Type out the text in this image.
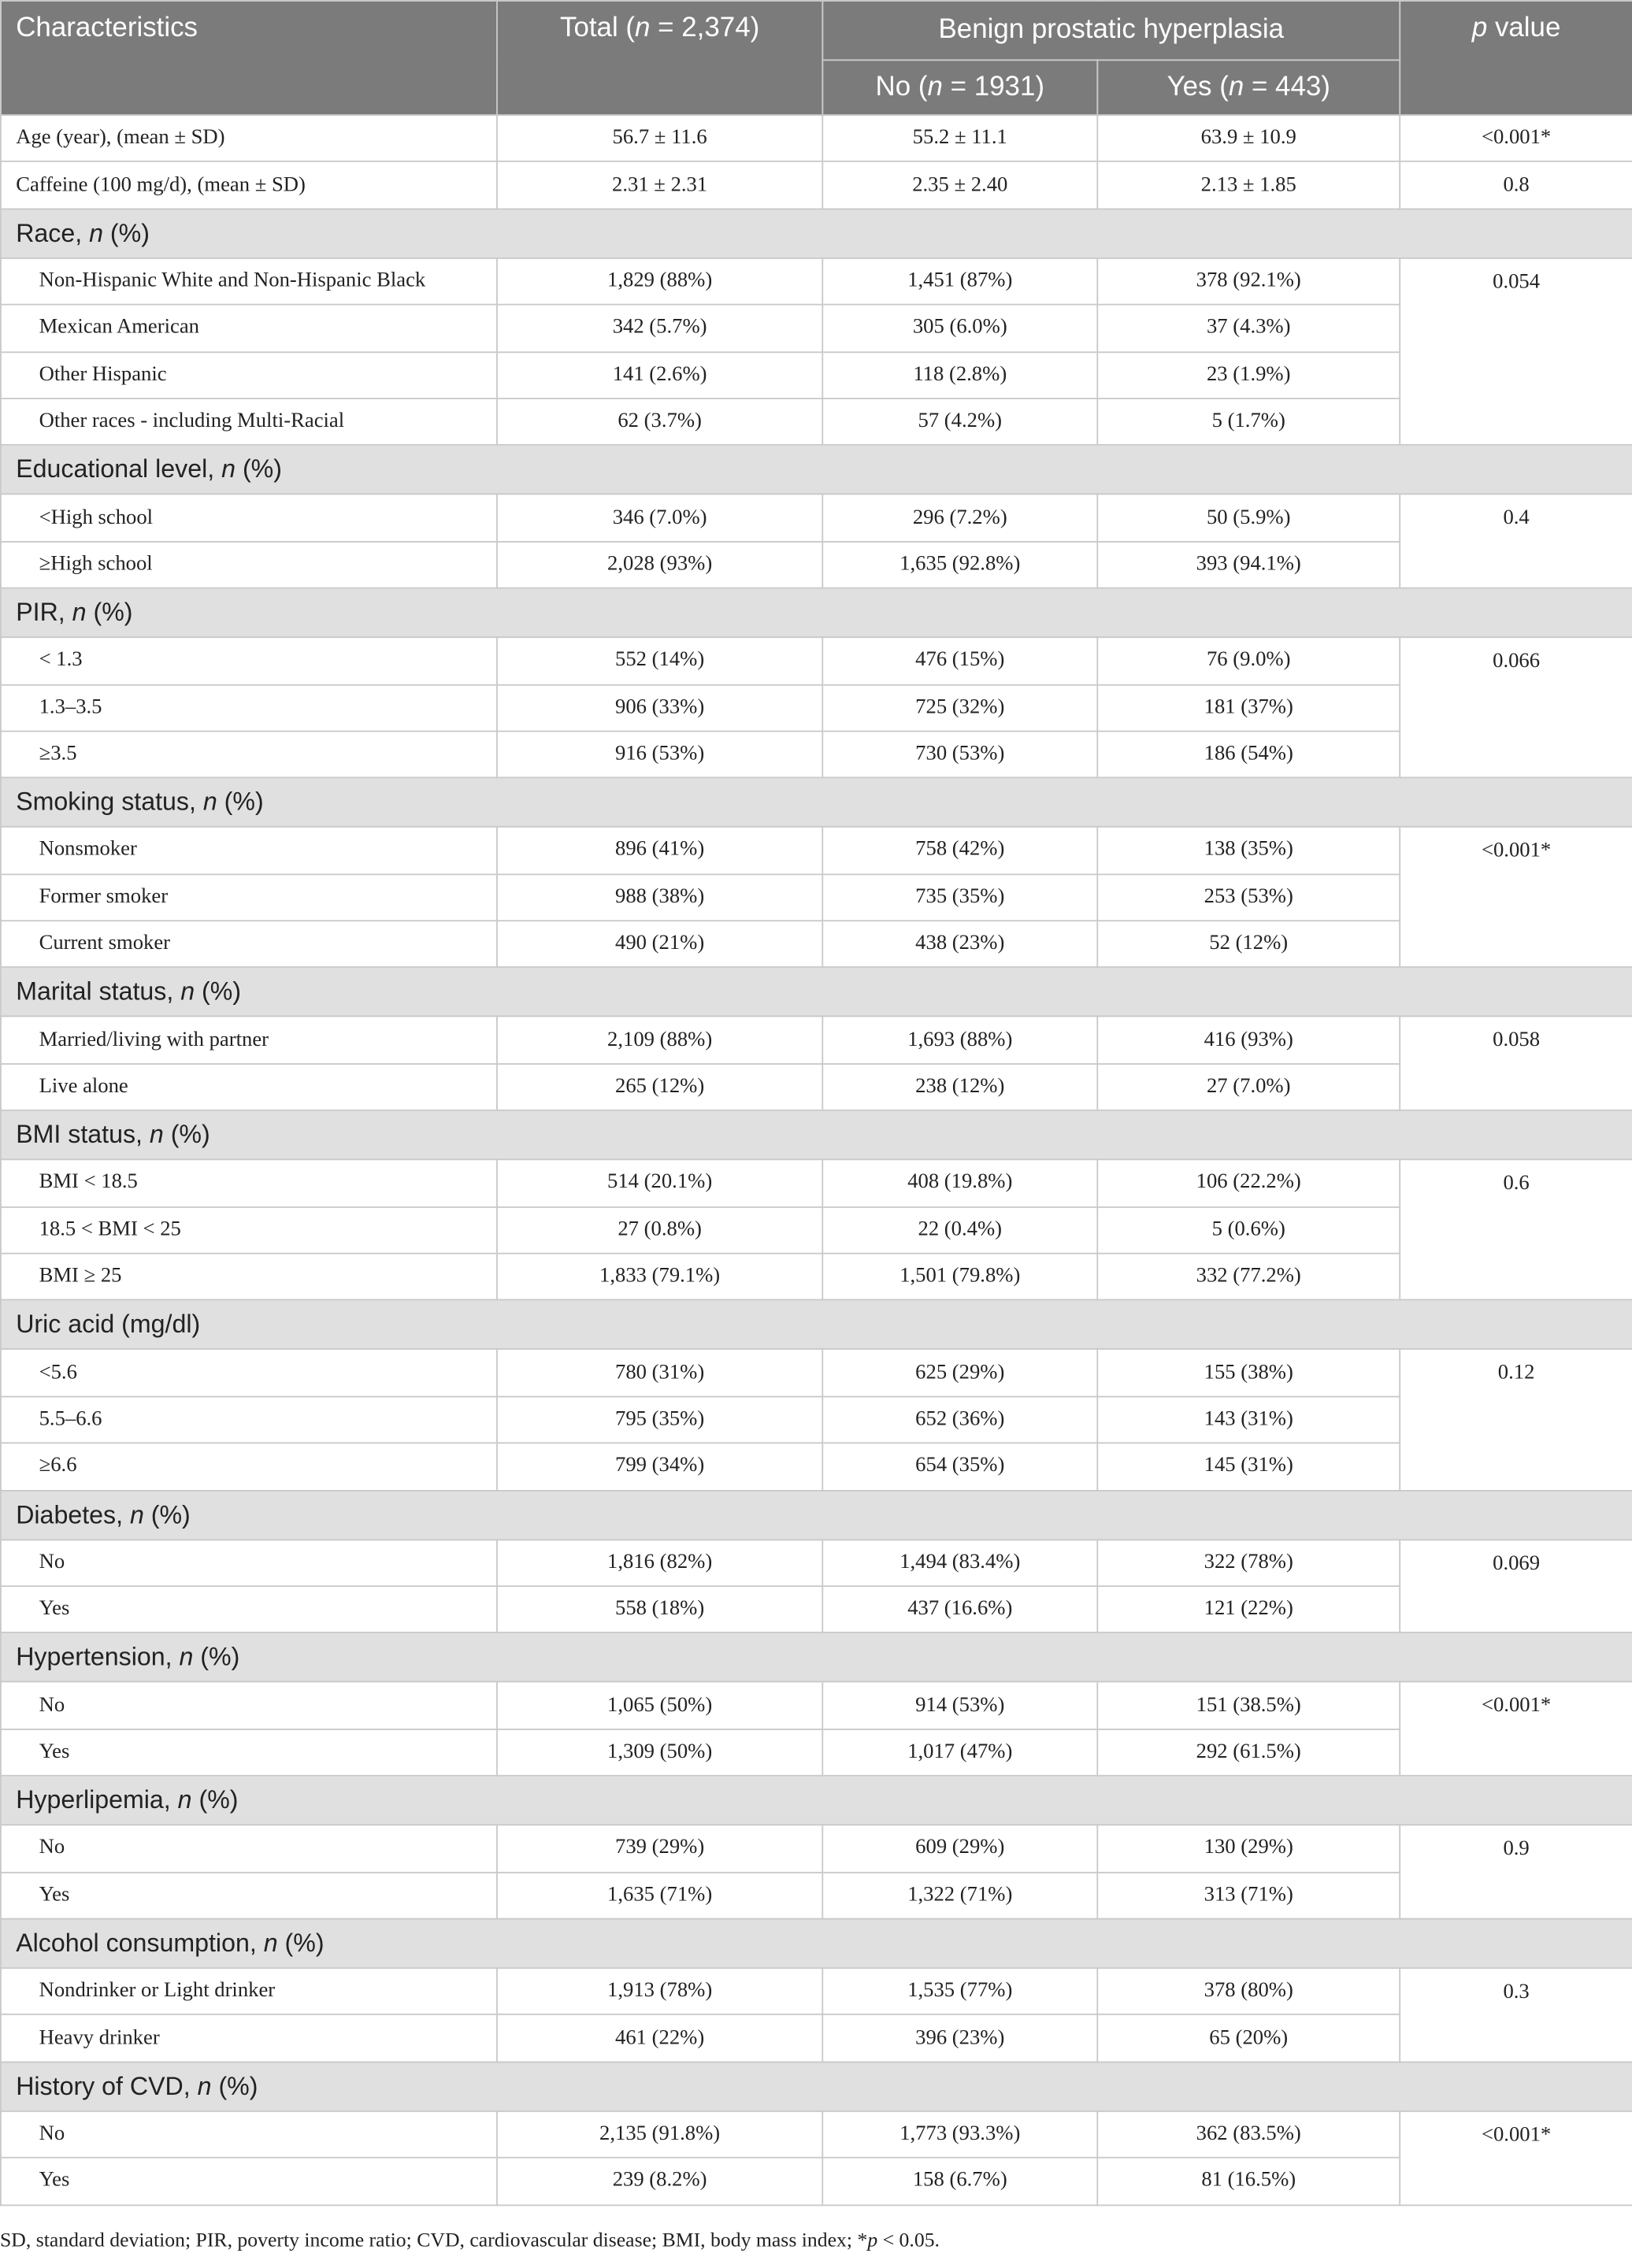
Characteristics	Total (n = 2,374)	Benign prostatic hyperplasia		p value
		No (n = 1931)	Yes (n = 443)	
Age (year), (mean ± SD)	56.7 ± 11.6	55.2 ± 11.1	63.9 ± 10.9	<0.001*
Caffeine (100 mg/d), (mean ± SD)	2.31 ± 2.31	2.35 ± 2.40	2.13 ± 1.85	0.8
Race, n (%)				
Non-Hispanic White and Non-Hispanic Black	1,829 (88%)	1,451 (87%)	378 (92.1%)	0.054
Mexican American	342 (5.7%)	305 (6.0%)	37 (4.3%)	
Other Hispanic	141 (2.6%)	118 (2.8%)	23 (1.9%)	
Other races - including Multi-Racial	62 (3.7%)	57 (4.2%)	5 (1.7%)	
Educational level, n (%)				
<High school	346 (7.0%)	296 (7.2%)	50 (5.9%)	0.4
≥High school	2,028 (93%)	1,635 (92.8%)	393 (94.1%)	
PIR, n (%)				
< 1.3	552 (14%)	476 (15%)	76 (9.0%)	0.066
1.3–3.5	906 (33%)	725 (32%)	181 (37%)	
≥3.5	916 (53%)	730 (53%)	186 (54%)	
Smoking status, n (%)				
Nonsmoker	896 (41%)	758 (42%)	138 (35%)	<0.001*
Former smoker	988 (38%)	735 (35%)	253 (53%)	
Current smoker	490 (21%)	438 (23%)	52 (12%)	
Marital status, n (%)				
Married/living with partner	2,109 (88%)	1,693 (88%)	416 (93%)	0.058
Live alone	265 (12%)	238 (12%)	27 (7.0%)	
BMI status, n (%)				
BMI < 18.5	514 (20.1%)	408 (19.8%)	106 (22.2%)	0.6
18.5 < BMI < 25	27 (0.8%)	22 (0.4%)	5 (0.6%)	
BMI ≥ 25	1,833 (79.1%)	1,501 (79.8%)	332 (77.2%)	
Uric acid (mg/dl)				
<5.6	780 (31%)	625 (29%)	155 (38%)	0.12
5.5–6.6	795 (35%)	652 (36%)	143 (31%)	
≥6.6	799 (34%)	654 (35%)	145 (31%)	
Diabetes, n (%)				
No	1,816 (82%)	1,494 (83.4%)	322 (78%)	0.069
Yes	558 (18%)	437 (16.6%)	121 (22%)	
Hypertension, n (%)				
No	1,065 (50%)	914 (53%)	151 (38.5%)	<0.001*
Yes	1,309 (50%)	1,017 (47%)	292 (61.5%)	
Hyperlipemia, n (%)				
No	739 (29%)	609 (29%)	130 (29%)	0.9
Yes	1,635 (71%)	1,322 (71%)	313 (71%)	
Alcohol consumption, n (%)				
Nondrinker or Light drinker	1,913 (78%)	1,535 (77%)	378 (80%)	0.3
Heavy drinker	461 (22%)	396 (23%)	65 (20%)	
History of CVD, n (%)				
No	2,135 (91.8%)	1,773 (93.3%)	362 (83.5%)	<0.001*
Yes	239 (8.2%)	158 (6.7%)	81 (16.5%)	
SD, standard deviation; PIR, poverty income ratio; CVD, cardiovascular disease; BMI, body mass index; *p < 0.05.
